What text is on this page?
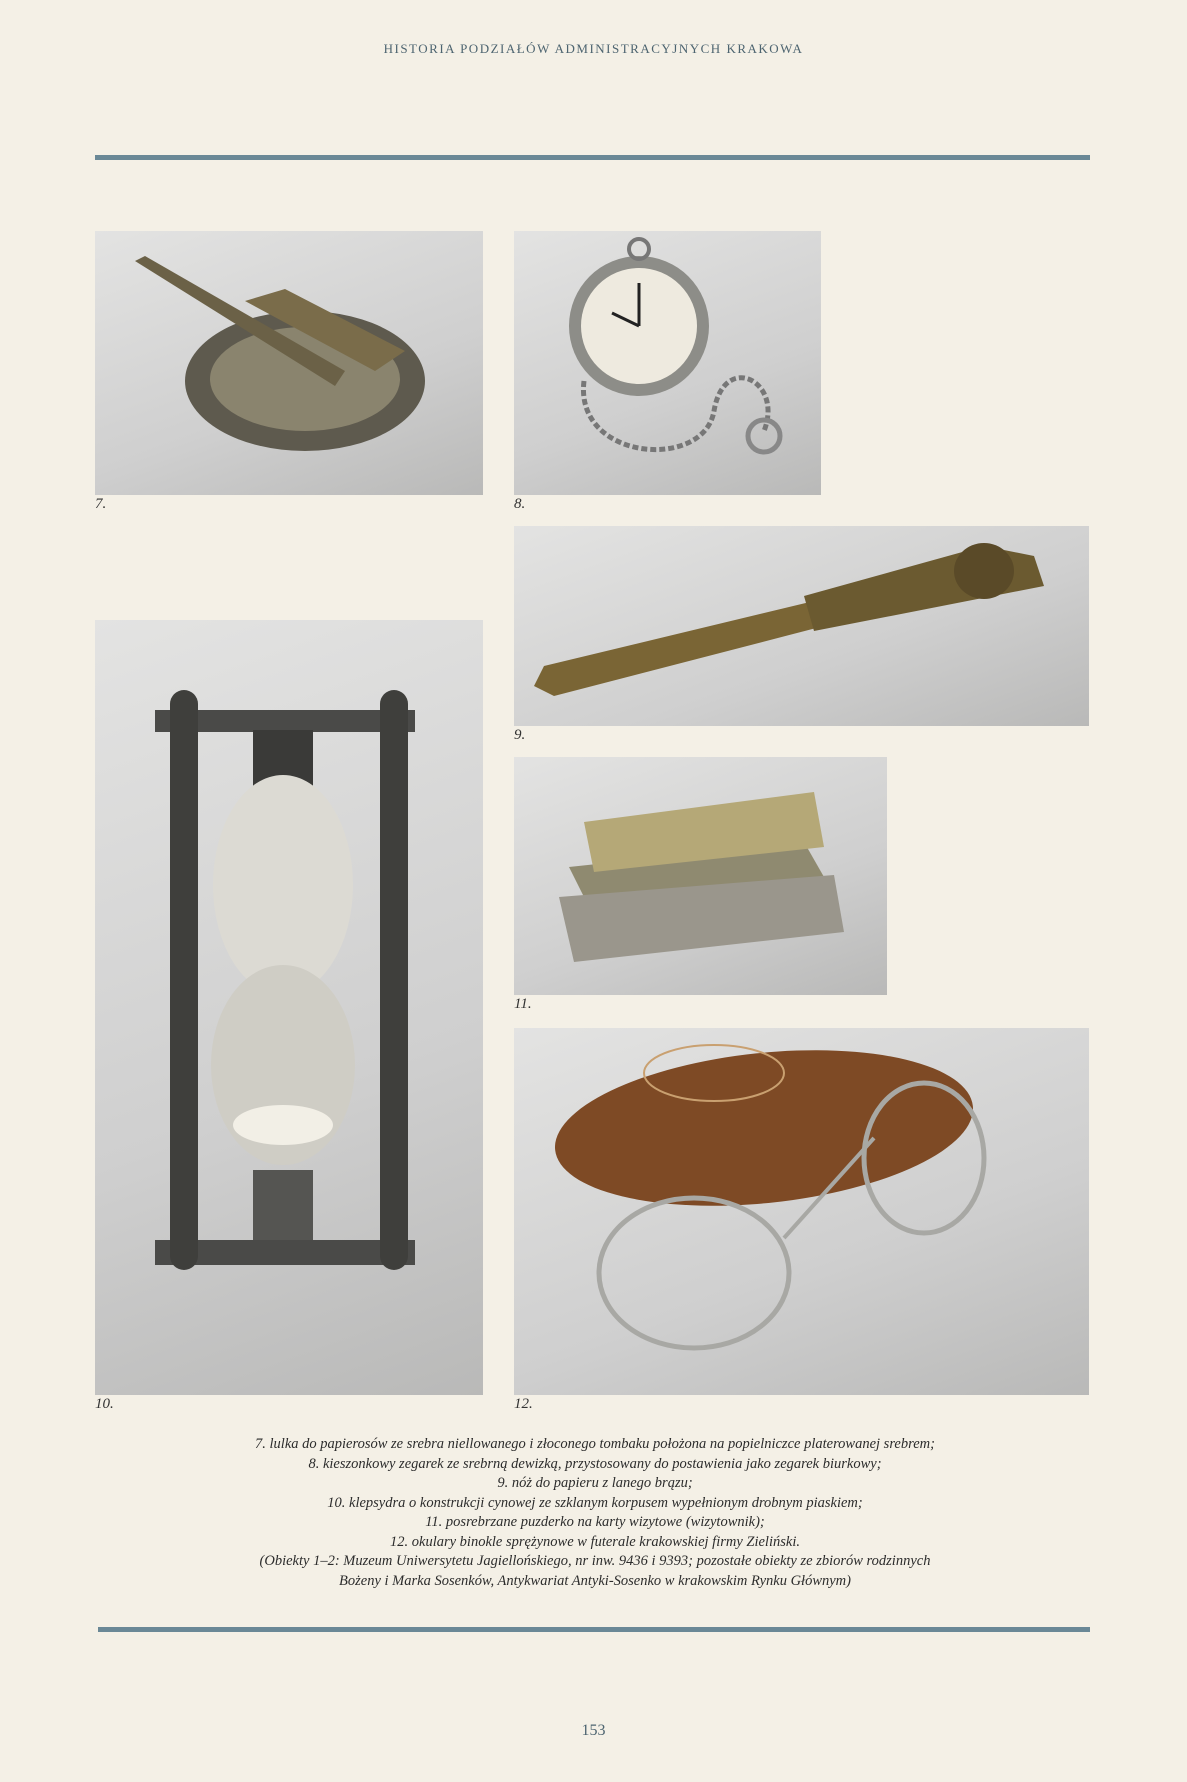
HISTORIA PODZIAŁÓW ADMINISTRACYJNYCH KRAKOWA
7.	8.
9.
10.
11.
12.
7. lulka do papierosów ze srebra niellowanego i złoconego tombaku położona na popielniczce platerowanej srebrem;
8. kieszonkowy zegarek ze srebrną dewizką, przystosowany do postawienia jako zegarek biurkowy;
9. nóż do papieru z lanego brązu;
10. klepsydra o konstrukcji cynowej ze szklanym korpusem wypełnionym drobnym piaskiem;
11. posrebrzane puzderko na karty wizytowe (wizytownik);
12. okulary binokle sprężynowe w futerale krakowskiej firmy Zieliński.
(Obiekty 1–2: Muzeum Uniwersytetu Jagiellońskiego, nr inw. 9436 i 9393; pozostałe obiekty ze zbiorów rodzinnych
Bożeny i Marka Sosenków, Antykwariat Antyki-Sosenko w krakowskim Rynku Głównym)
153
